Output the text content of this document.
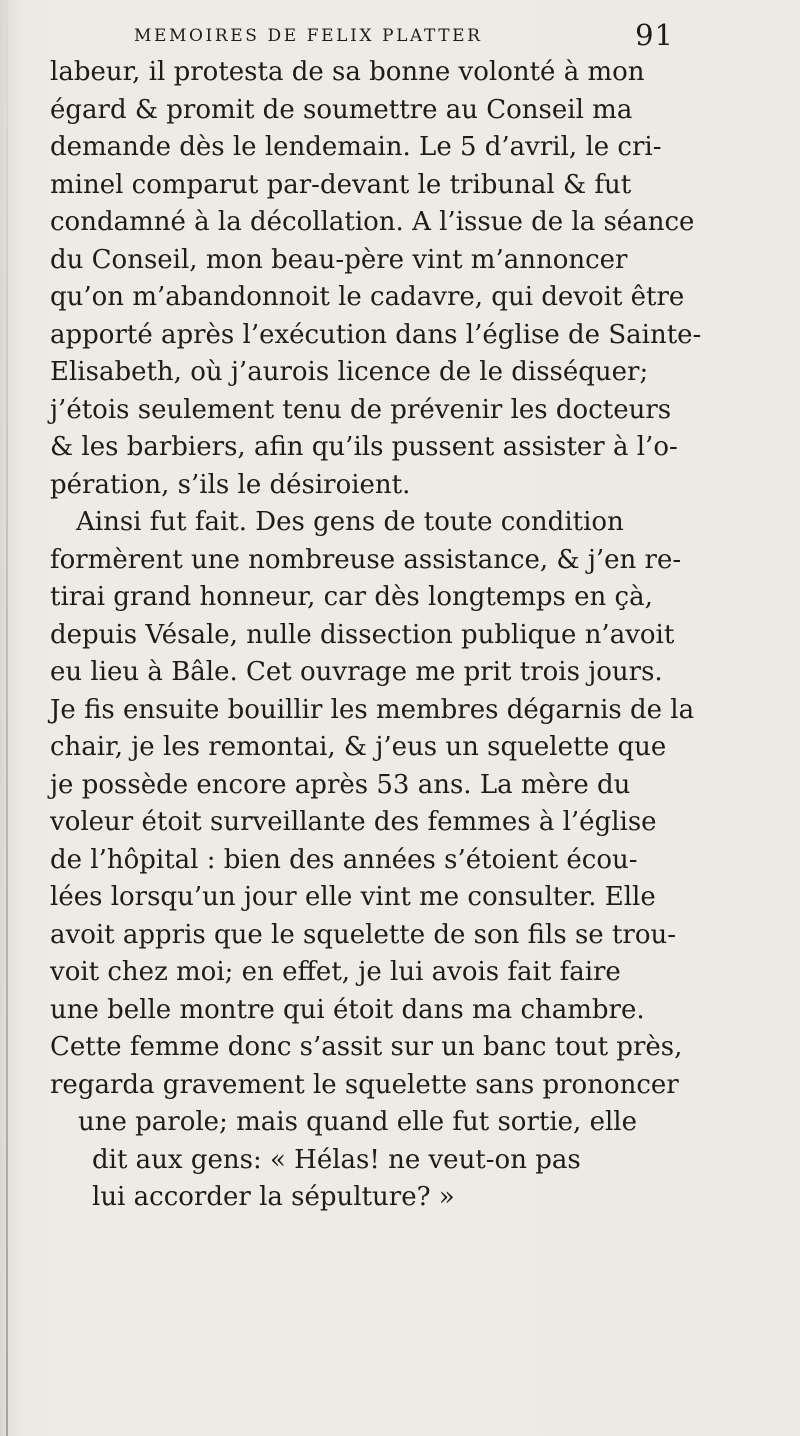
MEMOIRES DE FELIX PLATTER	91
labeur, il protesta de sa bonne volonté à mon
égard & promit de soumettre au Conseil ma
demande dès le lendemain. Le 5 d’avril, le cri-
minel comparut par-devant le tribunal & fut
condamné à la décollation. A l’issue de la séance
du Conseil, mon beau-père vint m’annoncer
qu’on m’abandonnoit le cadavre, qui devoit être
apporté après l’exécution dans l’église de Sainte-
Elisabeth, où j’aurois licence de le disséquer;
j’étois seulement tenu de prévenir les docteurs
& les barbiers, afin qu’ils pussent assister à l’o-
pération, s’ils le désiroient.
Ainsi fut fait. Des gens de toute condition
formèrent une nombreuse assistance, & j’en re-
tirai grand honneur, car dès longtemps en çà,
depuis Vésale, nulle dissection publique n’avoit
eu lieu à Bâle. Cet ouvrage me prit trois jours.
Je fis ensuite bouillir les membres dégarnis de la
chair, je les remontai, & j’eus un squelette que
je possède encore après 53 ans. La mère du
voleur étoit surveillante des femmes à l’église
de l’hôpital : bien des années s’étoient écou-
lées lorsqu’un jour elle vint me consulter. Elle
avoit appris que le squelette de son fils se trou-
voit chez moi; en effet, je lui avois fait faire
une belle montre qui étoit dans ma chambre.
Cette femme donc s’assit sur un banc tout près,
regarda gravement le squelette sans prononcer
une parole; mais quand elle fut sortie, elle
dit aux gens: « Hélas! ne veut-on pas
lui accorder la sépulture? »
